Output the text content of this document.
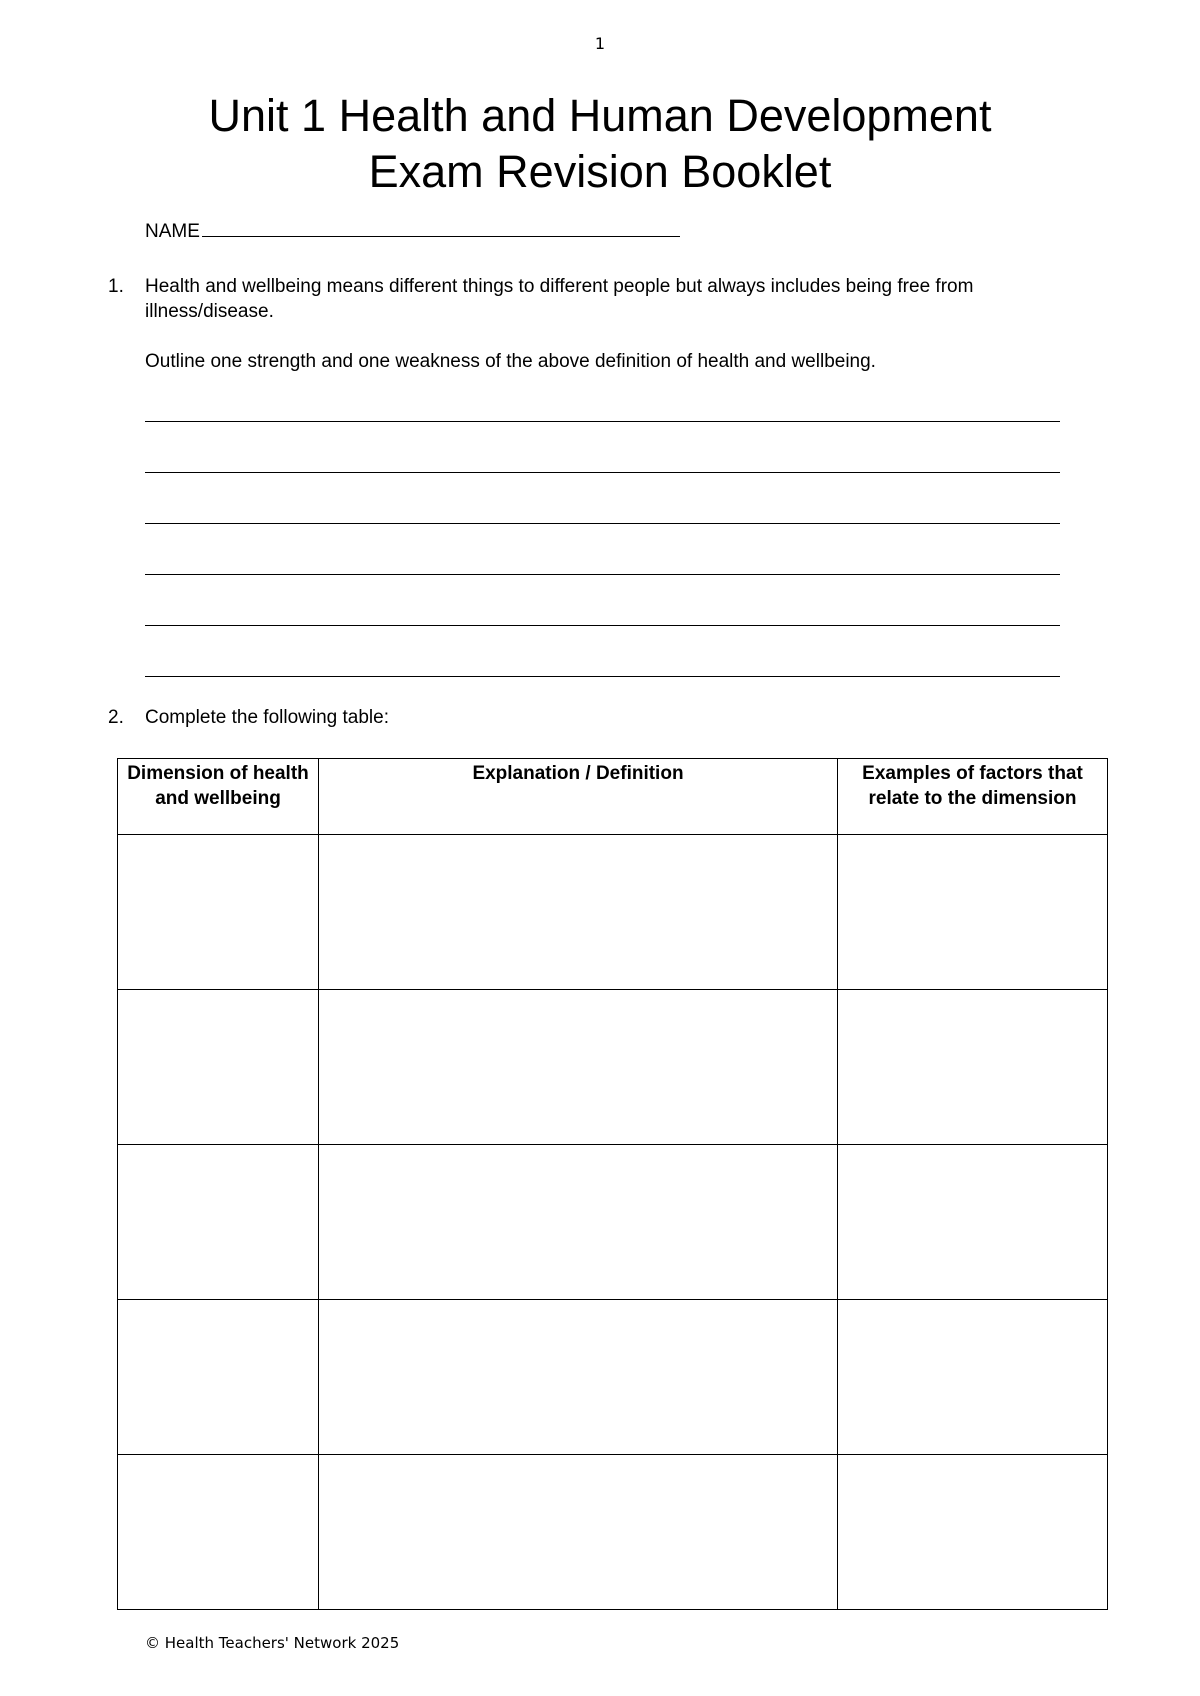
1
Unit 1 Health and Human Development
Exam Revision Booklet
NAME
1.	Health and wellbeing means different things to different people but always includes being free from illness/disease.
Outline one strength and one weakness of the above definition of health and wellbeing.
2.	Complete the following table:
Dimension of health and wellbeing	Explanation / Definition	Examples of factors that relate to the dimension

© Health Teachers' Network 2025
